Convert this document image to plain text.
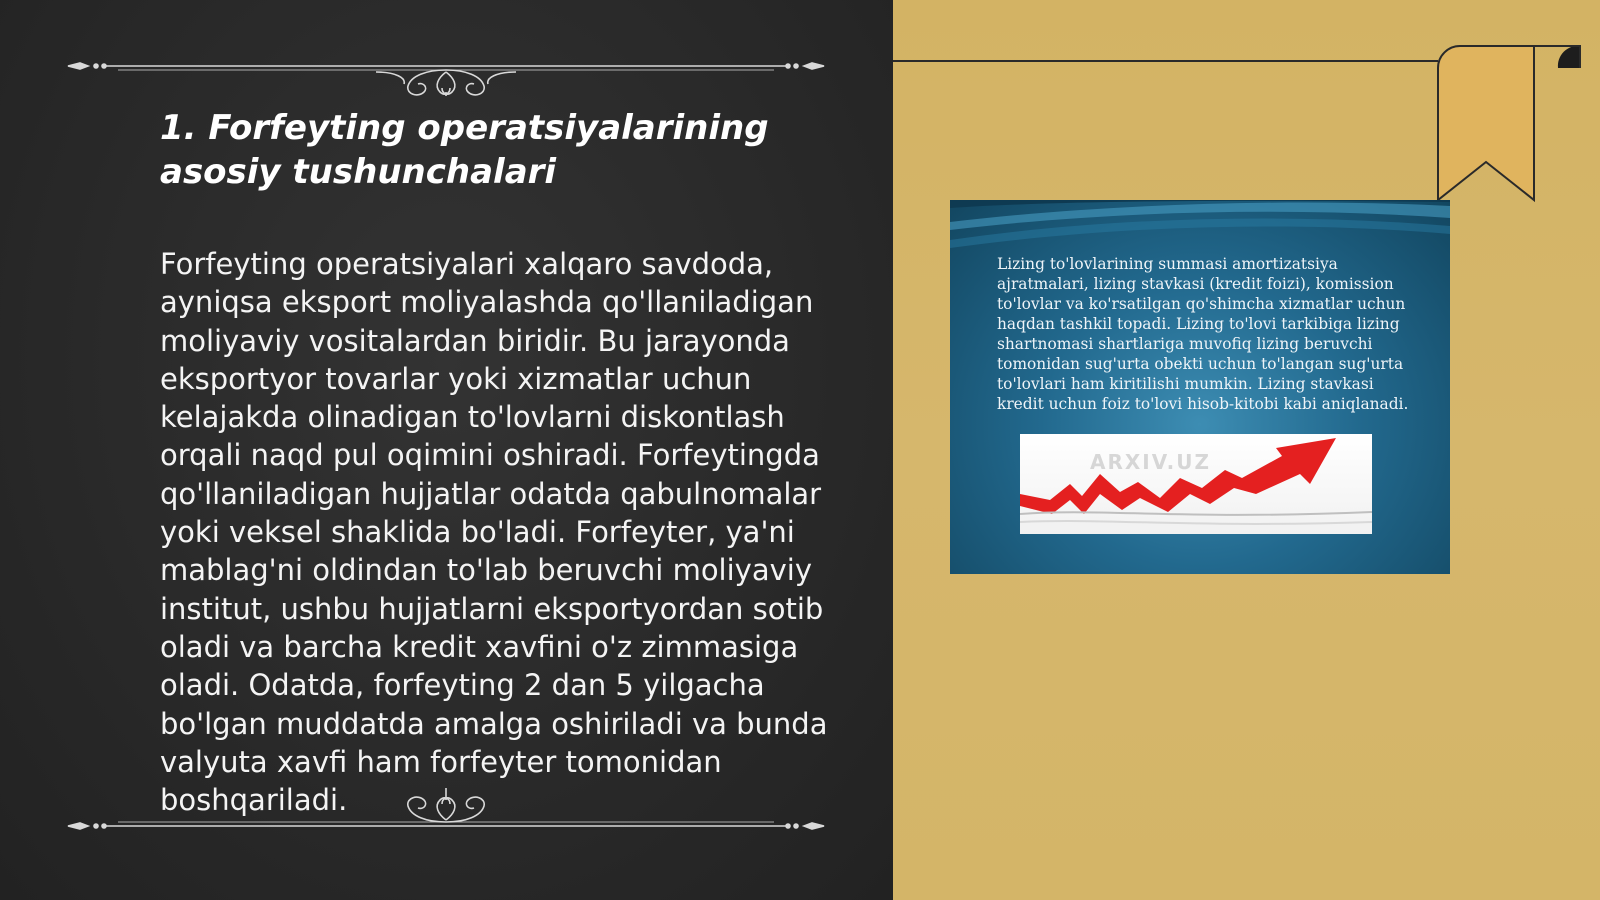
1. Forfeyting operatsiyalarining asosiy tushunchalari

Forfeyting operatsiyalari xalqaro savdoda, ayniqsa eksport moliyalashda qo'llaniladigan moliyaviy vositalardan biridir. Bu jarayonda eksportyor tovarlar yoki xizmatlar uchun kelajakda olinadigan to'lovlarni diskontlash orqali naqd pul oqimini oshiradi. Forfeytingda qo'llaniladigan hujjatlar odatda qabulnomalar yoki veksel shaklida bo'ladi. Forfeyter, ya'ni mablag'ni oldindan to'lab beruvchi moliyaviy institut, ushbu hujjatlarni eksportyordan sotib oladi va barcha kredit xavfini o'z zimmasiga oladi. Odatda, forfeyting 2 dan 5 yilgacha bo'lgan muddatda amalga oshiriladi va bunda valyuta xavfi ham forfeyter tomonidan boshqariladi.

Lizing to'lovlarining summasi amortizatsiya ajratmalari, lizing stavkasi (kredit foizi), komission to'lovlar va ko'rsatilgan qo'shimcha xizmatlar uchun haqdan tashkil topadi. Lizing to'lovi tarkibiga lizing shartnomasi shartlariga muvofiq lizing beruvchi tomonidan sug'urta obekti uchun to'langan sug'urta to'lovlari ham kiritilishi mumkin. Lizing stavkasi kredit uchun foiz to'lovi hisob-kitobi kabi aniqlanadi.

ARXIV.UZ
